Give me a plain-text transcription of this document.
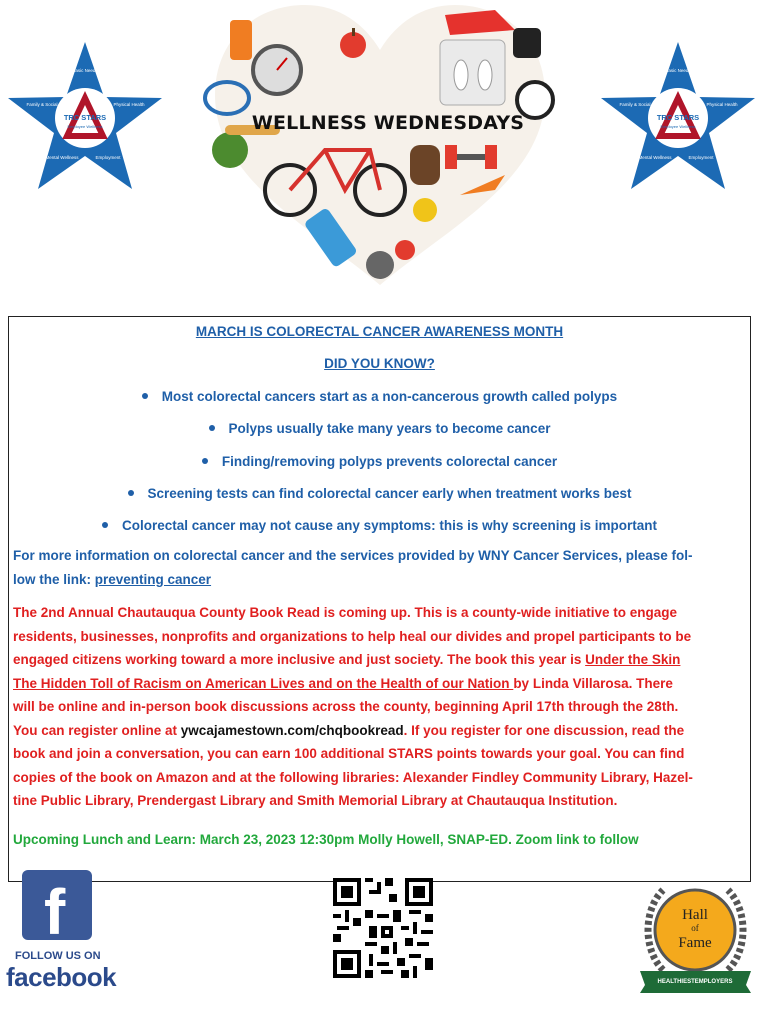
TRC STARS
Employee Wellness
Basic Needs
Physical Health
Employment
Mental Wellness
Family & Social
WELLNESS WEDNESDAYS	TRC STARS
Employee Wellness
Basic Needs
Physical Health
Employment
Mental Wellness
Family & Social
MARCH IS COLORECTAL CANCER AWARENESS MONTH
DID YOU KNOW?
Most colorectal cancers start as a non-cancerous growth called polyps
Polyps usually take many years to become cancer
Finding/removing polyps prevents colorectal cancer
Screening tests can find colorectal cancer early when treatment works best
Colorectal cancer may not cause any symptoms: this is why screening is important
For more information on colorectal cancer and the services provided by WNY Cancer Services, please fol-
low the link: preventing cancer
The 2nd Annual Chautauqua County Book Read is coming up. This is a county-wide initiative to engage
residents, businesses, nonprofits and organizations to help heal our divides and propel participants to be
engaged citizens working toward a more inclusive and just society. The book this year is Under the Skin
The Hidden Toll of Racism on American Lives and on the Health of our Nation by Linda Villarosa. There
will be online and in-person book discussions across the county, beginning April 17th through the 28th.
You can register online at ywcajamestown.com/chqbookread. If you register for one discussion, read the
book and join a conversation, you can earn 100 additional STARS points towards your goal. You can find
copies of the book on Amazon and at the following libraries: Alexander Findley Community Library, Hazel-
tine Public Library, Prendergast Library and Smith Memorial Library at Chautauqua Institution.
Upcoming Lunch and Learn: March 23, 2023 12:30pm Molly Howell, SNAP-ED. Zoom link to follow
f
FOLLOW US ON
facebook
Hall
of
Fame
HEALTHIESTEMPLOYERS
